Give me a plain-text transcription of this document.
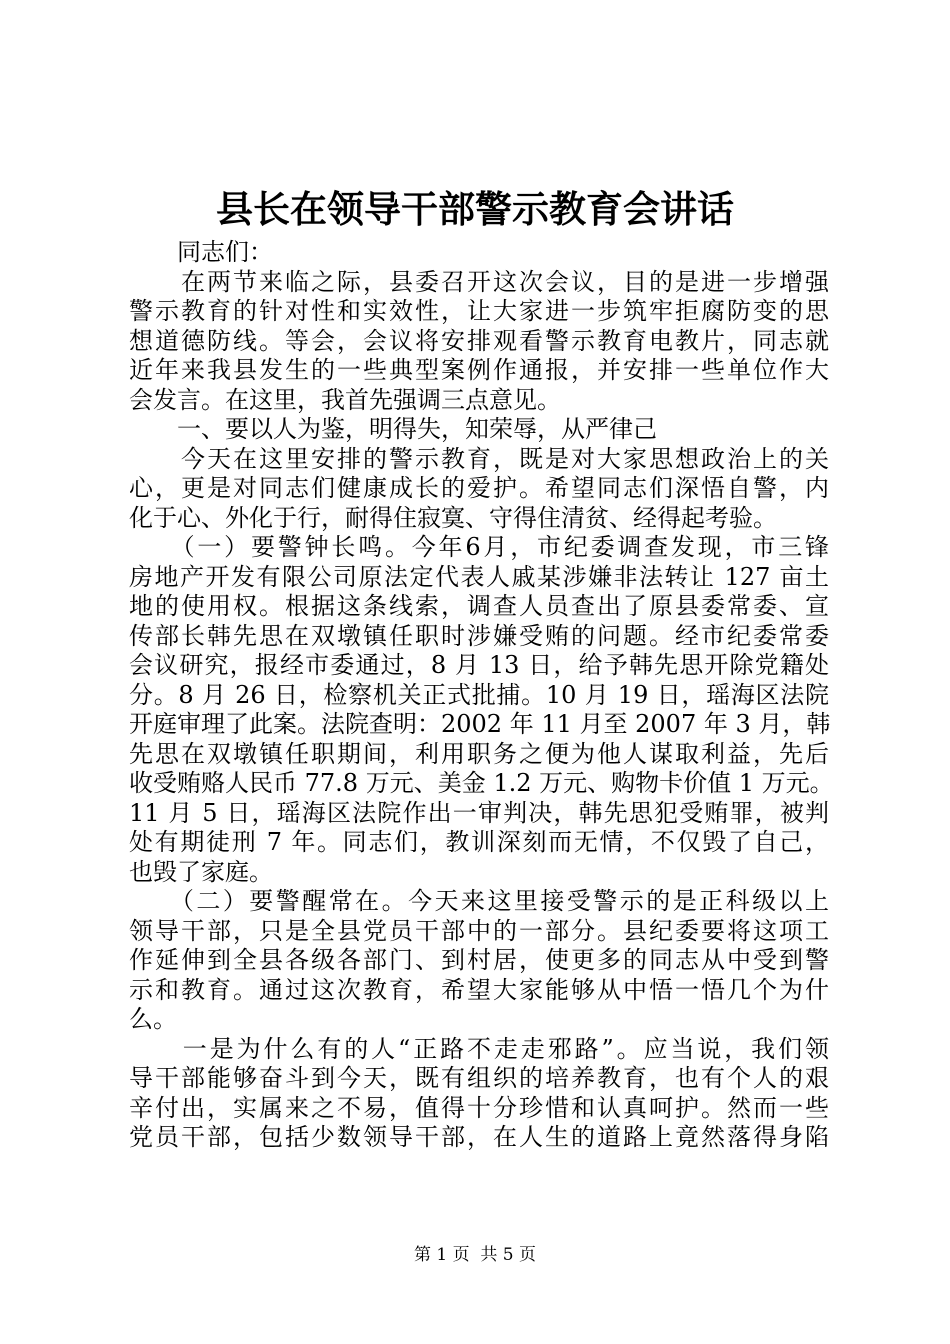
县长在领导干部警示教育会讲话
　　同志们：
　　在两节来临之际，县委召开这次会议，目的是进一步增强
警示教育的针对性和实效性，让大家进一步筑牢拒腐防变的思
想道德防线。等会，会议将安排观看警示教育电教片，同志就
近年来我县发生的一些典型案例作通报，并安排一些单位作大
会发言。在这里，我首先强调三点意见。
　　一、要以人为鉴，明得失，知荣辱，从严律己
　　今天在这里安排的警示教育，既是对大家思想政治上的关
心，更是对同志们健康成长的爱护。希望同志们深悟自警，内
化于心、外化于行，耐得住寂寞、守得住清贫、经得起考验。
　　（一）要警钟长鸣。今年6月，市纪委调查发现，市三锋
房地产开发有限公司原法定代表人戚某涉嫌非法转让 127 亩土
地的使用权。根据这条线索，调查人员查出了原县委常委、宣
传部长韩先思在双墩镇任职时涉嫌受贿的问题。经市纪委常委
会议研究，报经市委通过，8 月 13 日，给予韩先思开除党籍处
分。8 月 26 日，检察机关正式批捕。10 月 19 日，瑶海区法院
开庭审理了此案。法院查明：2002 年 11 月至 2007 年 3 月，韩
先思在双墩镇任职期间，利用职务之便为他人谋取利益，先后
收受贿赂人民币 77.8 万元、美金 1.2 万元、购物卡价值 1 万元。
11 月 5 日，瑶海区法院作出一审判决，韩先思犯受贿罪，被判
处有期徒刑 7 年。同志们，教训深刻而无情，不仅毁了自己，
也毁了家庭。
　　（二）要警醒常在。今天来这里接受警示的是正科级以上
领导干部，只是全县党员干部中的一部分。县纪委要将这项工
作延伸到全县各级各部门、到村居，使更多的同志从中受到警
示和教育。通过这次教育，希望大家能够从中悟一悟几个为什
么。
　　一是为什么有的人“正路不走走邪路”。应当说，我们领
导干部能够奋斗到今天，既有组织的培养教育，也有个人的艰
辛付出，实属来之不易，值得十分珍惜和认真呵护。然而一些
党员干部，包括少数领导干部，在人生的道路上竟然落得身陷
第 1 页  共 5 页
